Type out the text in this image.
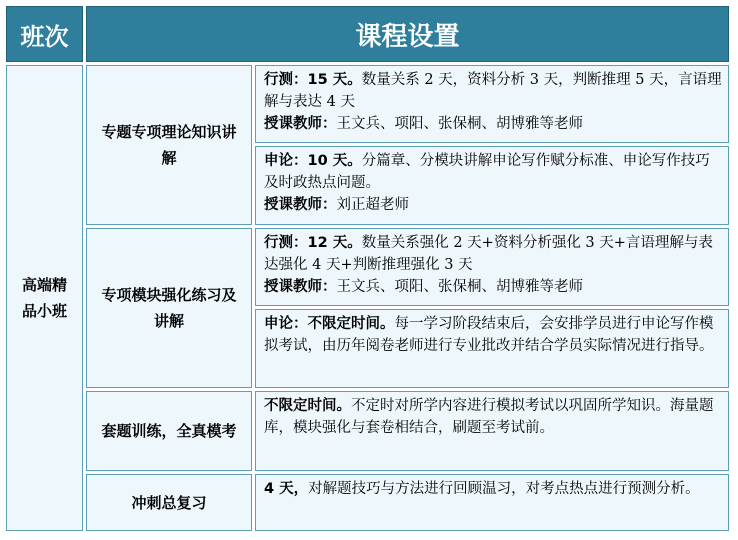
班次	课程设置
高端精品小班
专题专项理论知识讲解
行测：15 天。数量关系 2 天，资料分析 3 天，判断推理 5 天，言语理解与表达 4 天
授课教师：王文兵、项阳、张保桐、胡博雅等老师
申论：10 天。分篇章、分模块讲解申论写作赋分标准、申论写作技巧及时政热点问题。
授课教师：刘正超老师
专项模块强化练习及讲解
行测：12 天。数量关系强化 2 天+资料分析强化 3 天+言语理解与表达强化 4 天+判断推理强化 3 天
授课教师：王文兵、项阳、张保桐、胡博雅等老师
申论：不限定时间。每一学习阶段结束后，会安排学员进行申论写作模拟考试，由历年阅卷老师进行专业批改并结合学员实际情况进行指导。
套题训练，全真模考
不限定时间。不定时对所学内容进行模拟考试以巩固所学知识。海量题库，模块强化与套卷相结合，刷题至考试前。
冲刺总复习
4 天，对解题技巧与方法进行回顾温习，对考点热点进行预测分析。
